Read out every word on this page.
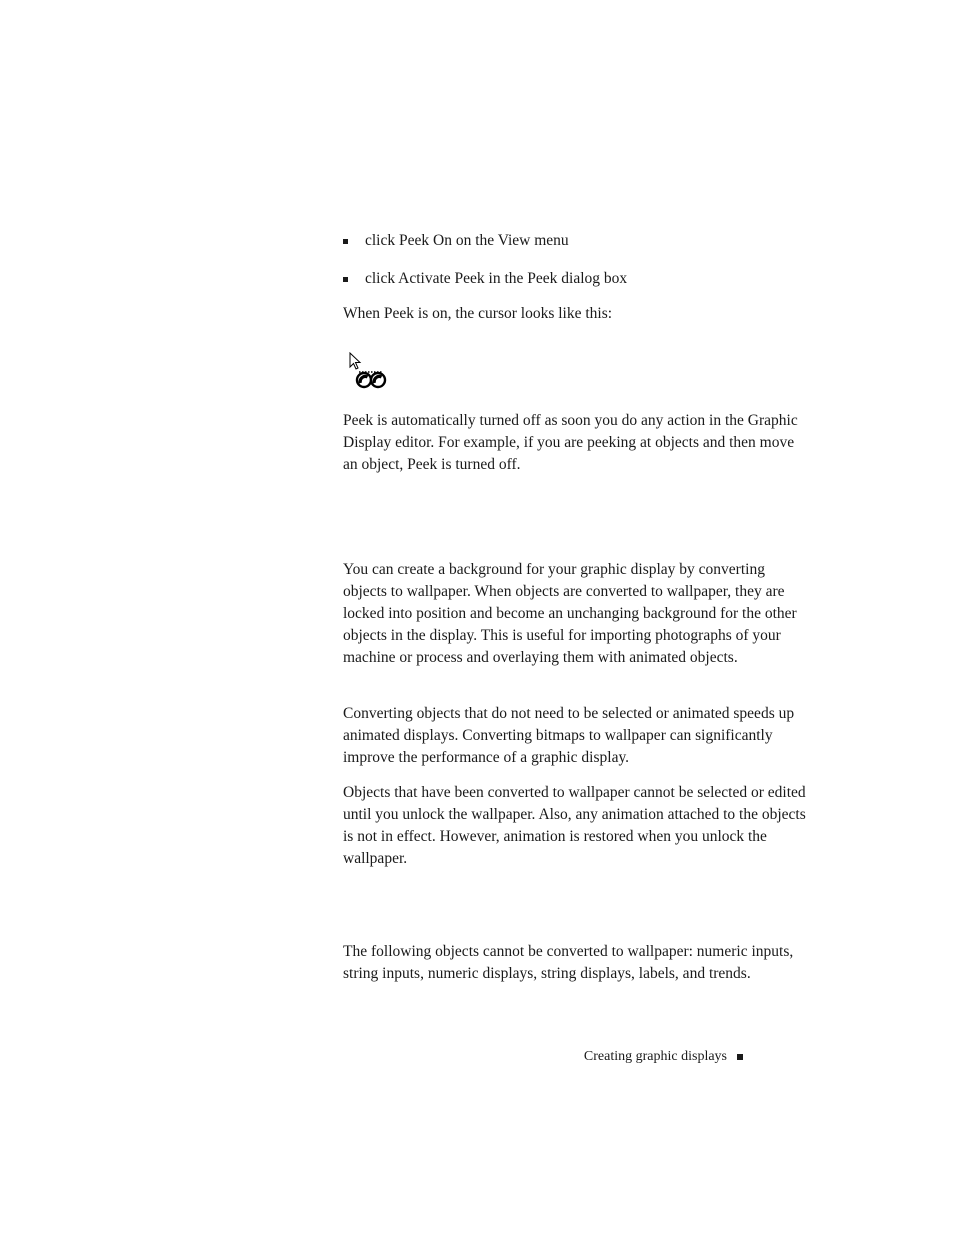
click Peek On on the View menu
click Activate Peek in the Peek dialog box

When Peek is on, the cursor looks like this:

Peek is automatically turned off as soon you do any action in the Graphic Display editor. For example, if you are peeking at objects and then move an object, Peek is turned off.

You can create a background for your graphic display by converting objects to wallpaper. When objects are converted to wallpaper, they are locked into position and become an unchanging background for the other objects in the display. This is useful for importing photographs of your machine or process and overlaying them with animated objects.

Converting objects that do not need to be selected or animated speeds up animated displays. Converting bitmaps to wallpaper can significantly improve the performance of a graphic display.

Objects that have been converted to wallpaper cannot be selected or edited until you unlock the wallpaper. Also, any animation attached to the objects is not in effect. However, animation is restored when you unlock the wallpaper.

The following objects cannot be converted to wallpaper: numeric inputs, string inputs, numeric displays, string displays, labels, and trends.

Creating graphic displays
